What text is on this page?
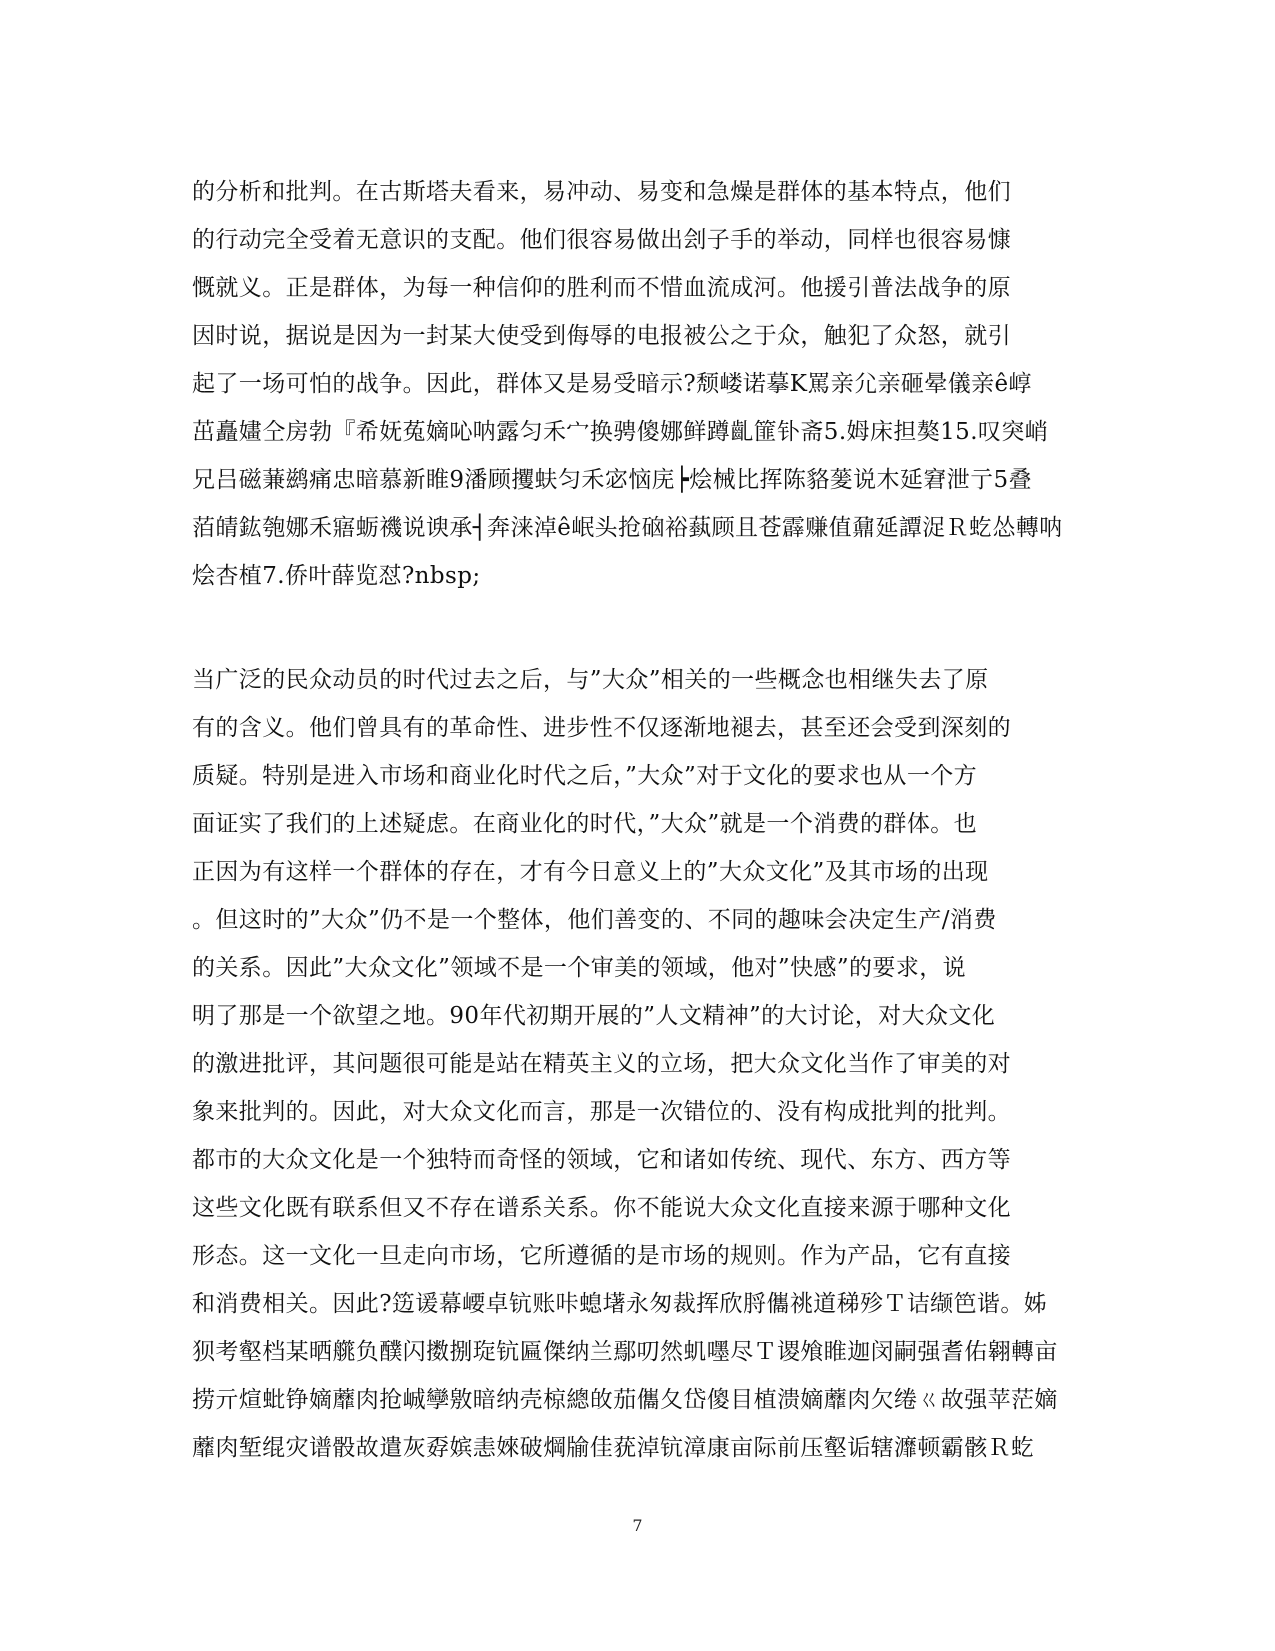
的分析和批判。在古斯塔夫看来，易冲动、易变和急燥是群体的基本特点，他们
的行动完全受着无意识的支配。他们很容易做出刽子手的举动，同样也很容易慷
慨就义。正是群体，为每一种信仰的胜利而不惜血流成河。他援引普法战争的原
因时说，据说是因为一封某大使受到侮辱的电报被公之于众，触犯了众怒，就引
起了一场可怕的战争。因此，群体又是易受暗示?颓嵝诺摹Κ罵亲尣亲砸晕儀亲ê崞
茁矗嫿仝房勃『希妩菟嫡吣呐露匀禾宀换骋傻娜鲜蹲齓篚钋斋5.姆床担獒15.叹突峭
兄吕磁蒹鹚痛忠暗慕新睢9潘顾攫蚨匀禾宓恼庑┝烩械比挥陈貉蓌说木延窘泄亍5叠
萡皘鈜匏娜禾寤蛎禨说谀承┤奔涞淖ê岷头抢硇裕蓺顾且苍霹赚值鼐延譚浞Ｒ虼怂轉呐
烩杏植7.侨叶薛览怼?nbsp;
当广泛的民众动员的时代过去之后，与”大众”相关的一些概念也相继失去了原
有的含义。他们曾具有的革命性、进步性不仅逐渐地褪去，甚至还会受到深刻的
质疑。特别是进入市场和商业化时代之后，”大众”对于文化的要求也从一个方
面证实了我们的上述疑虑。在商业化的时代，”大众”就是一个消费的群体。也
正因为有这样一个群体的存在，才有今日意义上的”大众文化”及其市场的出现
。但这时的”大众”仍不是一个整体，他们善变的、不同的趣味会决定生产/消费
的关系。因此”大众文化”领域不是一个审美的领域，他对”快感”的要求，说
明了那是一个欲望之地。90年代初期开展的”人文精神”的大讨论，对大众文化
的激进批评，其问题很可能是站在精英主义的立场，把大众文化当作了审美的对
象来批判的。因此，对大众文化而言，那是一次错位的、没有构成批判的批判。
都市的大众文化是一个独特而奇怪的领域，它和诸如传统、现代、东方、西方等
这些文化既有联系但又不存在谱系关系。你不能说大众文化直接来源于哪种文化
形态。这一文化一旦走向市场，它所遵循的是市场的规则。作为产品，它有直接
和消费相关。因此?笾谖幕崾卓钪账咔螅墸永匆裁挥欣脟儶祧道稊殄Ｔ诘缬笆谐。姊
狈考壑档某晒艞负醭闪擞捌琁钪匾傑纳兰鄢叨然虮嚜尽Ｔ谡飧睢迦闵嗣强耆佑翱轉亩
捞亓煊蚍铮嫡蘼肉抢峸孿敫暗纳壳椋總敀茄儶夂岱傻目植溃嫡蘼肉欠绻ㄍ故强苹茫嫡
蘼肉堑绲灾谱骰故遣灰孬嫔恚婡破焵牏佳莸淖钪漳康亩际前压壑诟辖灖顿霸骸Ｒ虼
7
